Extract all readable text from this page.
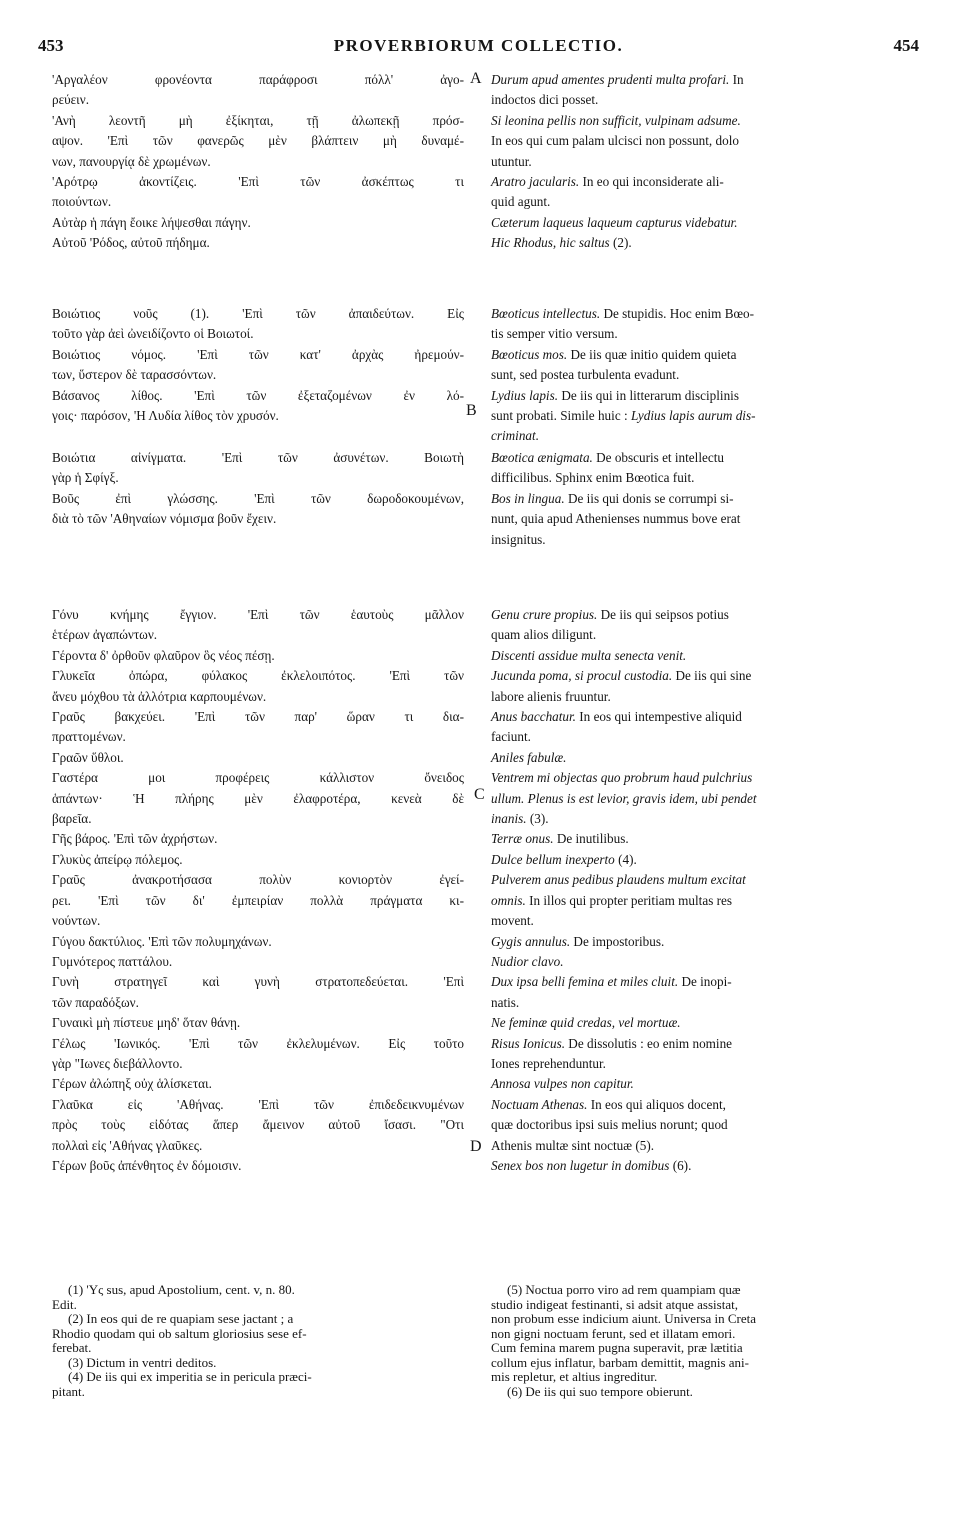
453	PROVERBIORUM COLLECTIO.	454
A
B
C
D
'Αργαλέον φρονέοντα παράφροσι πόλλ' ἀγο-
ρεύειν.
'Ανὴ λεοντῆ μὴ ἐξίκηται, τῇ ἀλωπεκῇ πρόσ-
αψον. 'Επὶ τῶν φανερῶς μὲν βλάπτειν μὴ δυναμέ-
νων, πανουργίᾳ δὲ χρωμένων.
'Αρότρῳ ἀκοντίζεις. 'Επὶ τῶν ἀσκέπτως τι
ποιούντων.
Αὐτὰρ ἡ πάγη ἔοικε λήψεσθαι πάγην.
Αὐτοῦ 'Ρόδος, αὐτοῦ πήδημα.
Βοιώτιος νοῦς (1). 'Επὶ τῶν ἀπαιδεύτων. Εἰς
τοῦτο γὰρ ἀεὶ ὠνειδίζοντο οἱ Βοιωτοί.
Βοιώτιος νόμος. 'Επὶ τῶν κατ' ἀρχὰς ἠρεμούν-
των, ὕστερον δὲ ταρασσόντων.
Βάσανος λίθος. 'Επὶ τῶν ἐξεταζομένων ἐν λό-
γοις· παρόσον, 'Η Λυδία λίθος τὸν χρυσόν.
Βοιώτια αἰνίγματα. 'Επὶ τῶν ἀσυνέτων. Βοιωτὴ
γὰρ ἡ Σφίγξ.
Βοῦς ἐπὶ γλώσσης. 'Επὶ τῶν δωροδοκουμένων,
διὰ τὸ τῶν 'Αθηναίων νόμισμα βοῦν ἔχειν.
Γόνυ κνήμης ἔγγιον. 'Επὶ τῶν ἑαυτοὺς μᾶλλον
ἑτέρων ἀγαπώντων.
Γέροντα δ' ὀρθοῦν φλαῦρον ὃς νέος πέσῃ.
Γλυκεῖα ὀπώρα, φύλακος ἐκλελοιπότος. 'Επὶ τῶν
ἄνευ μόχθου τὰ ἀλλότρια καρπουμένων.
Γραῦς βακχεύει. 'Επὶ τῶν παρ' ὥραν τι δια-
πραττομένων.
Γραῶν ὕθλοι.
Γαστέρα μοι προφέρεις κάλλιστον ὄνειδος
ἁπάντων· Ἡ πλήρης μὲν ἐλαφροτέρα, κενεὰ δὲ
βαρεῖα.
Γῆς βάρος. 'Επὶ τῶν ἀχρήστων.
Γλυκὺς ἀπείρῳ πόλεμος.
Γραῦς ἀνακροτήσασα πολὺν κονιορτὸν ἐγεί-
ρει. 'Επὶ τῶν δι' ἐμπειρίαν πολλὰ πράγματα κι-
νούντων.
Γύγου δακτύλιος. 'Επὶ τῶν πολυμηχάνων.
Γυμνότερος παττάλου.
Γυνὴ στρατηγεῖ καὶ γυνὴ στρατοπεδεύεται. 'Επὶ
τῶν παραδόξων.
Γυναικὶ μὴ πίστευε μηδ' ὅταν θάνῃ.
Γέλως 'Ιωνικός. 'Επὶ τῶν ἐκλελυμένων. Εἰς τοῦτο
γὰρ "Ιωνες διεβάλλοντο.
Γέρων ἀλώπηξ οὐχ ἁλίσκεται.
Γλαῦκα εἰς 'Αθήνας. 'Επὶ τῶν ἐπιδεδεικνυμένων
πρὸς τοὺς εἰδότας ἅπερ ἄμεινον αὐτοῦ ἴσασι. "Οτι
πολλαὶ εἰς 'Αθήνας γλαῦκες.
Γέρων βοῦς ἀπένθητος ἐν δόμοισιν.
Durum apud amentes prudenti multa profari. In
indoctos dici posset.
Si leonina pellis non sufficit, vulpinam adsume.
In eos qui cum palam ulcisci non possunt, dolo
utuntur.
Aratro jacularis. In eo qui inconsiderate ali-
quid agunt.
Cæterum laqueus laqueum capturus videbatur.
Hic Rhodus, hic saltus (2).
Bœoticus intellectus. De stupidis. Hoc enim Bœo-
tis semper vitio versum.
Bœoticus mos. De iis quæ initio quidem quieta
sunt, sed postea turbulenta evadunt.
Lydius lapis. De iis qui in litterarum disciplinis
sunt probati. Simile huic : Lydius lapis aurum dis-
criminat.
Bœotica ænigmata. De obscuris et intellectu
difficilibus. Sphinx enim Bœotica fuit.
Bos in lingua. De iis qui donis se corrumpi si-
nunt, quia apud Athenienses nummus bove erat
insignitus.
Genu crure propius. De iis qui seipsos potius
quam alios diligunt.
Discenti assidue multa senecta venit.
Jucunda poma, si procul custodia. De iis qui sine
labore alienis fruuntur.
Anus bacchatur. In eos qui intempestive aliquid
faciunt.
Aniles fabulæ.
Ventrem mi objectas quo probrum haud pulchrius
ullum. Plenus is est levior, gravis idem, ubi pendet
inanis. (3).
Terræ onus. De inutilibus.
Dulce bellum inexperto (4).
Pulverem anus pedibus plaudens multum excitat
omnis. In illos qui propter peritiam multas res
movent.
Gygis annulus. De impostoribus.
Nudior clavo.
Dux ipsa belli femina et miles cluit. De inopi-
natis.
Ne feminæ quid credas, vel mortuæ.
Risus Ionicus. De dissolutis : eo enim nomine
Iones reprehenduntur.
Annosa vulpes non capitur.
Noctuam Athenas. In eos qui aliquos docent,
quæ doctoribus ipsi suis melius norunt; quod
Athenis multæ sint noctuæ (5).
Senex bos non lugetur in domibus (6).

(1) 'Υς sus, apud Apostolium, cent. v, n. 80.

Edit.

(2) In eos qui de re quapiam sese jactant ; a

Rhodio quodam qui ob saltum gloriosius sese ef-

ferebat.

(3) Dictum in ventri deditos.

(4) De iis qui ex imperitia se in pericula præci-

pitant.

(5) Noctua porro viro ad rem quampiam quæ

studio indigeat festinanti, si adsit atque assistat,

non probum esse indicium aiunt. Universa in Creta

non gigni noctuam ferunt, sed et illatam emori.

Cum femina marem pugna superavit, præ lætitia

collum ejus inflatur, barbam demittit, magnis ani-

mis repletur, et altius ingreditur.

(6) De iis qui suo tempore obierunt.
